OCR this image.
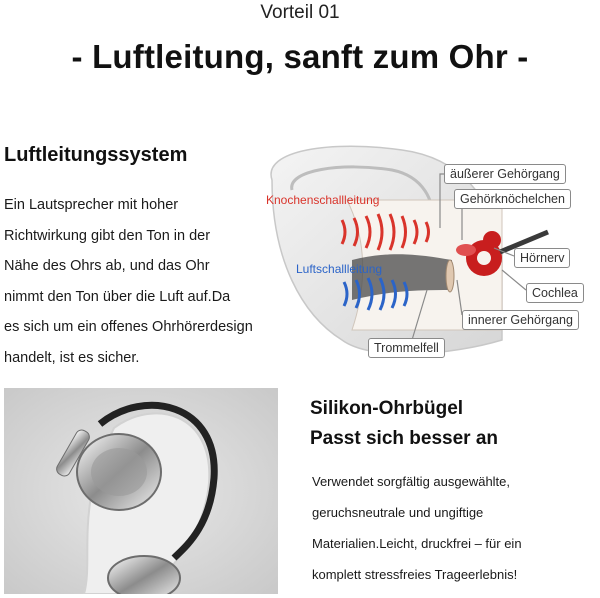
Vorteil 01
- Luftleitung, sanft zum Ohr -
Luftleitungssystem
Ein Lautsprecher mit hoher
Richtwirkung gibt den Ton in der
Nähe des Ohrs ab, und das Ohr
nimmt den Ton über die Luft auf.Da
es sich um ein offenes Ohrhörerdesign
handelt, ist es sicher.
Knochenschallleitung
Luftschallleitung
äußerer Gehörgang
Gehörknöchelchen
Hörnerv
Cochlea
innerer Gehörgang
Trommelfell
Silikon-Ohrbügel
Passt sich besser an
Verwendet sorgfältig ausgewählte,
geruchsneutrale und ungiftige
Materialien.Leicht, druckfrei – für ein
komplett stressfreies Trageerlebnis!
